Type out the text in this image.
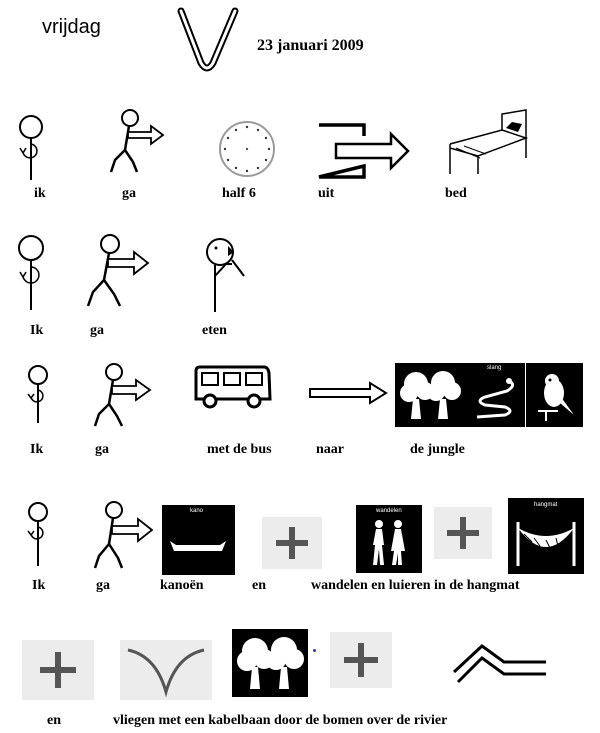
vrijdag
23 januari 2009
ik	ga	half 6	uit	bed
Ik	ga	eten
slang
Ik	ga	met de bus	naar	de jungle
kano	wandelen
hangmat
Ik	ga	kanoën	en	wandelen en luieren in de hangmat
en	vliegen met een kabelbaan door de bomen over de rivier
